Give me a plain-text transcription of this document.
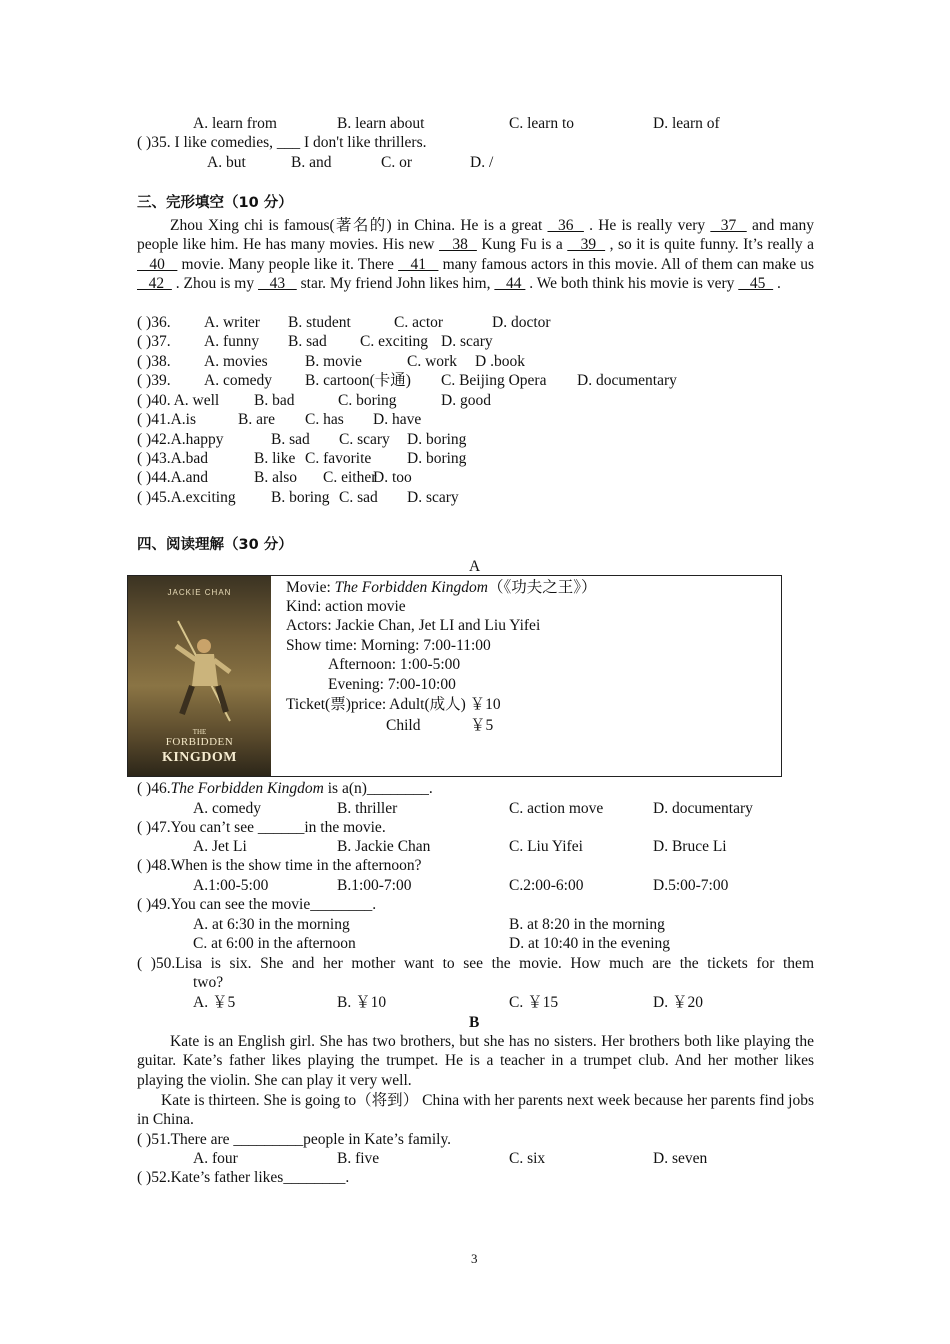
A. learn from	B. learn about	C. learn to	D. learn of
( )35. I like comedies, ___ I don't like thrillers.
A. but	B. and	C. or	D. /
三、完形填空（10 分）
Zhou Xing chi is famous(著名的) in China. He is a great   36   . He is really very   37   and many people like him. He has many movies. His new    38   Kung Fu is a    39   , so it is quite funny. It’s really a    40    movie. Many people like it. There    41    many famous actors in this movie. All of them can make us    42   . Zhou is my    43    star. My friend John likes him,    44  . We both think his movie is very    45   .
( )36. A. writer B. student	C. actor	D. doctor
( )37. A. funny B. sad C. exciting D. scary
( )38. A. movies B. movie	C. work D .book
( )39. A. comedy B. cartoon(卡通) C. Beijing Opera D. documentary
( )40. A. well B. bad	C. boring	D. good
( )41.A.is	B. are C. has D. have
( )42.A.happy	B. sad C. scary D. boring
( )43.A.bad	B. like C. favorite D. boring
( )44.A.and	B. also C. either
D. too
( )45.A.exciting B. boring C. sad D. scary
四、阅读理解（30 分）
A
JACKIE CHAN
THE
FORBIDDEN
KINGDOM
Movie: The Forbidden Kingdom（《功夫之王》）
Kind: action movie
Actors: Jackie Chan, Jet LI and Liu Yifei
Show time: Morning: 7:00-11:00
Afternoon: 1:00-5:00
Evening: 7:00-10:00
Ticket(票)price: Adult(成人) ￥10
Child	￥5
( )46.The Forbidden Kingdom is a(n)________.
A. comedy	B. thriller	C. action move	D. documentary
( )47.You can’t see ______in the movie.
A. Jet Li	B. Jackie Chan	C. Liu Yifei	D. Bruce Li
( )48.When is the show time in the afternoon?
A.1:00-5:00	B.1:00-7:00	C.2:00-6:00	D.5:00-7:00
( )49.You can see the movie________.
A. at 6:30 in the morning	B. at 8:20 in the morning
C. at 6:00 in the afternoon	D. at 10:40 in the evening
( )50.Lisa is six. She and her mother want to see the movie. How much are the tickets for them
two?
A. ￥5	B. ￥10	C. ￥15	D. ￥20
B
Kate is an English girl. She has two brothers, but she has no sisters. Her brothers both like playing the guitar. Kate’s father likes playing the trumpet. He is a teacher in a trumpet club. And her mother likes playing the violin. She can play it very well.
Kate is thirteen. She is going to（将到） China with her parents next week because her parents find jobs in China.
( )51.There are _________people in Kate’s family.
A. four	B. five	C. six	D. seven
( )52.Kate’s father likes________.
3
